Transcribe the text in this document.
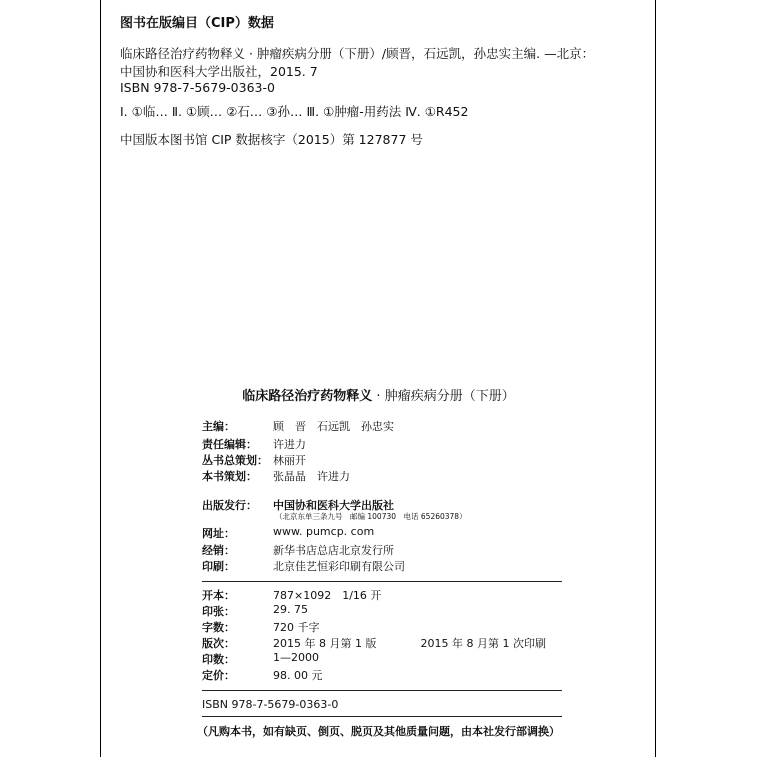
图书在版编目（CIP）数据
临床路径治疗药物释义 · 肿瘤疾病分册（下册）/顾晋，石远凯，孙忠实主编. —北京：
中国协和医科大学出版社，2015. 7
ISBN 978-7-5679-0363-0
Ⅰ. ①临… Ⅱ. ①顾… ②石… ③孙… Ⅲ. ①肿瘤-用药法 Ⅳ. ①R452
中国版本图书馆 CIP 数据核字（2015）第 127877 号
临床路径治疗药物释义 · 肿瘤疾病分册（下册）
主编：	顾　晋　石远凯　孙忠实
责任编辑： 许进力
丛书总策划： 林丽开
本书策划： 张晶晶　许进力
出版发行： 中国协和医科大学出版社
（北京东单三条九号　邮编 100730　电话 65260378）
网址：	www. pumcp. com
经销：	新华书店总店北京发行所
印刷：	北京佳艺恒彩印刷有限公司
开本：	787×1092　1/16 开
印张：	29. 75
字数：	720 千字
版次：	2015 年 8 月第 1 版　　　　2015 年 8 月第 1 次印刷
印数：	1—2000
定价：	98. 00 元
ISBN 978-7-5679-0363-0
（凡购本书，如有缺页、倒页、脱页及其他质量问题，由本社发行部调换）
